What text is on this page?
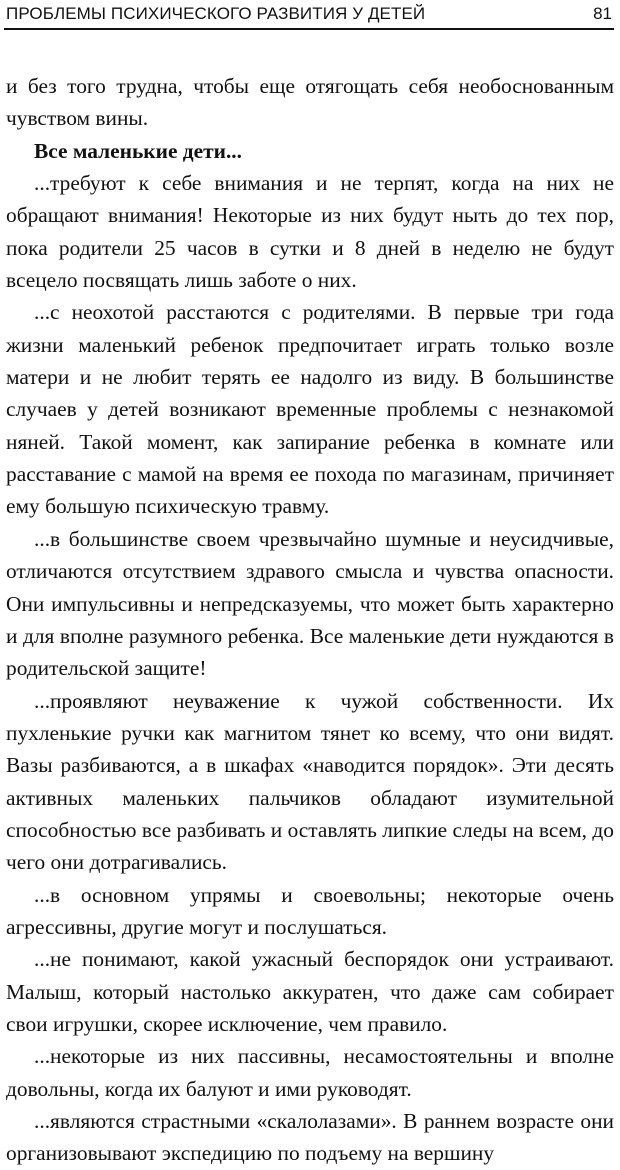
ПРОБЛЕМЫ ПСИХИЧЕСКОГО РАЗВИТИЯ У ДЕТЕЙ	81

и без того трудна, чтобы еще отягощать себя необоснованным чувством вины.

Все маленькие дети...

...требуют к себе внимания и не терпят, когда на них не обращают внимания! Некоторые из них будут ныть до тех пор, пока родители 25 часов в сутки и 8 дней в неделю не будут всецело посвящать лишь заботе о них.

...с неохотой расстаются с родителями. В первые три года жизни маленький ребенок предпочитает играть только возле матери и не любит терять ее надолго из виду. В большинстве случаев у детей возникают временные проблемы с незнакомой няней. Такой момент, как запирание ребенка в комнате или расставание с мамой на время ее похода по магазинам, причиняет ему большую психическую травму.

...в большинстве своем чрезвычайно шумные и неусидчивые, отличаются отсутствием здравого смысла и чувства опасности. Они импульсивны и непредсказуемы, что может быть характерно и для вполне разумного ребенка. Все маленькие дети нуждаются в родительской защите!

...проявляют неуважение к чужой собственности. Их пухленькие ручки как магнитом тянет ко всему, что они видят. Вазы разбиваются, а в шкафах «наводится порядок». Эти десять активных маленьких пальчиков обладают изумительной способностью все разбивать и оставлять липкие следы на всем, до чего они дотрагивались.

...в основном упрямы и своевольны; некоторые очень агрессивны, другие могут и послушаться.

...не понимают, какой ужасный беспорядок они устраивают. Малыш, который настолько аккуратен, что даже сам собирает свои игрушки, скорее исключение, чем правило.

...некоторые из них пассивны, несамостоятельны и вполне довольны, когда их балуют и ими руководят.

...являются страстными «скалолазами». В раннем возрасте они организовывают экспедицию по подъему на вершину
